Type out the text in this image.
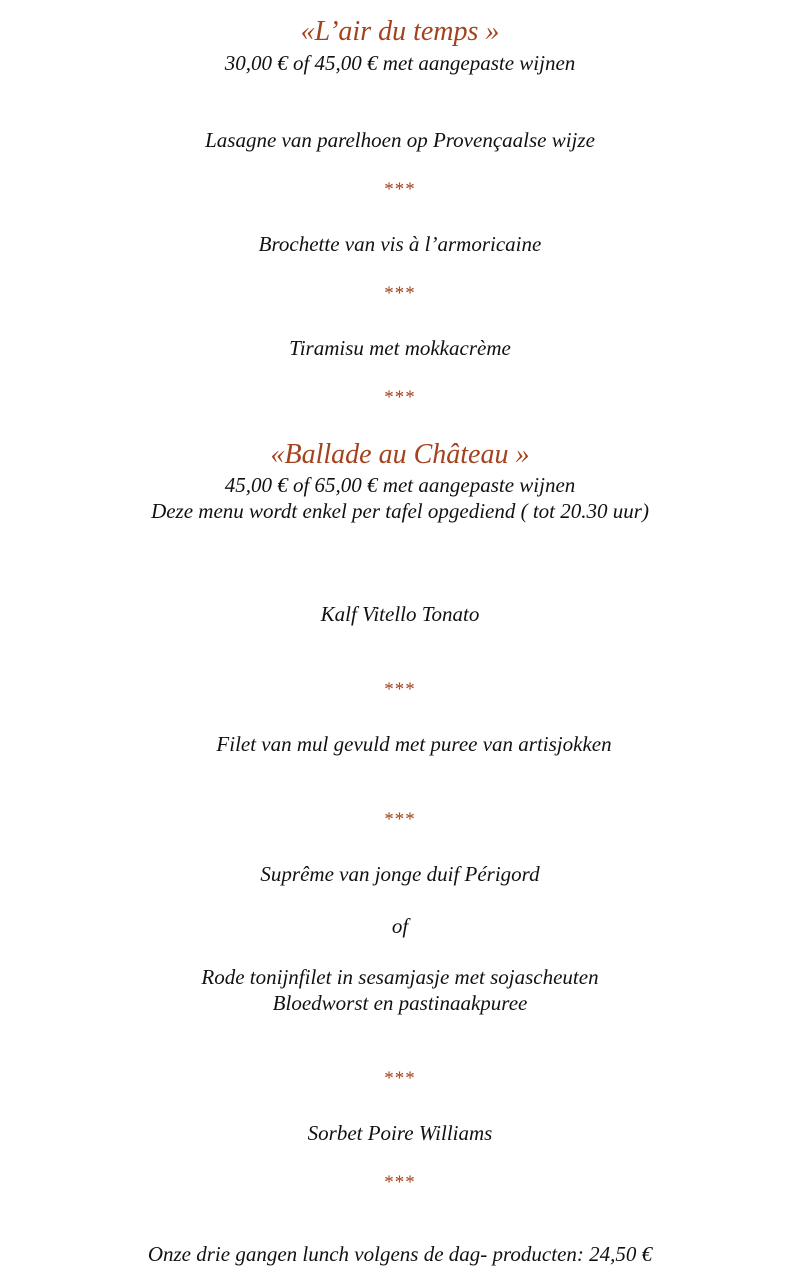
«L’air du temps »
30,00 € of 45,00 € met aangepaste wijnen
Lasagne van parelhoen op Provençaalse wijze
***
Brochette van vis à l’armoricaine
***
Tiramisu met mokkacrème
***
«Ballade au Château »
45,00 € of 65,00 € met aangepaste wijnen
Deze menu wordt enkel per tafel opgediend ( tot 20.30 uur)
Kalf Vitello Tonato
***
Filet van mul gevuld met puree van artisjokken
***
Suprême van jonge duif Périgord
of
Rode tonijnfilet in sesamjasje met sojascheuten
Bloedworst en pastinaakpuree
***
Sorbet Poire Williams
***
Onze drie gangen lunch volgens de dag- producten: 24,50 €
